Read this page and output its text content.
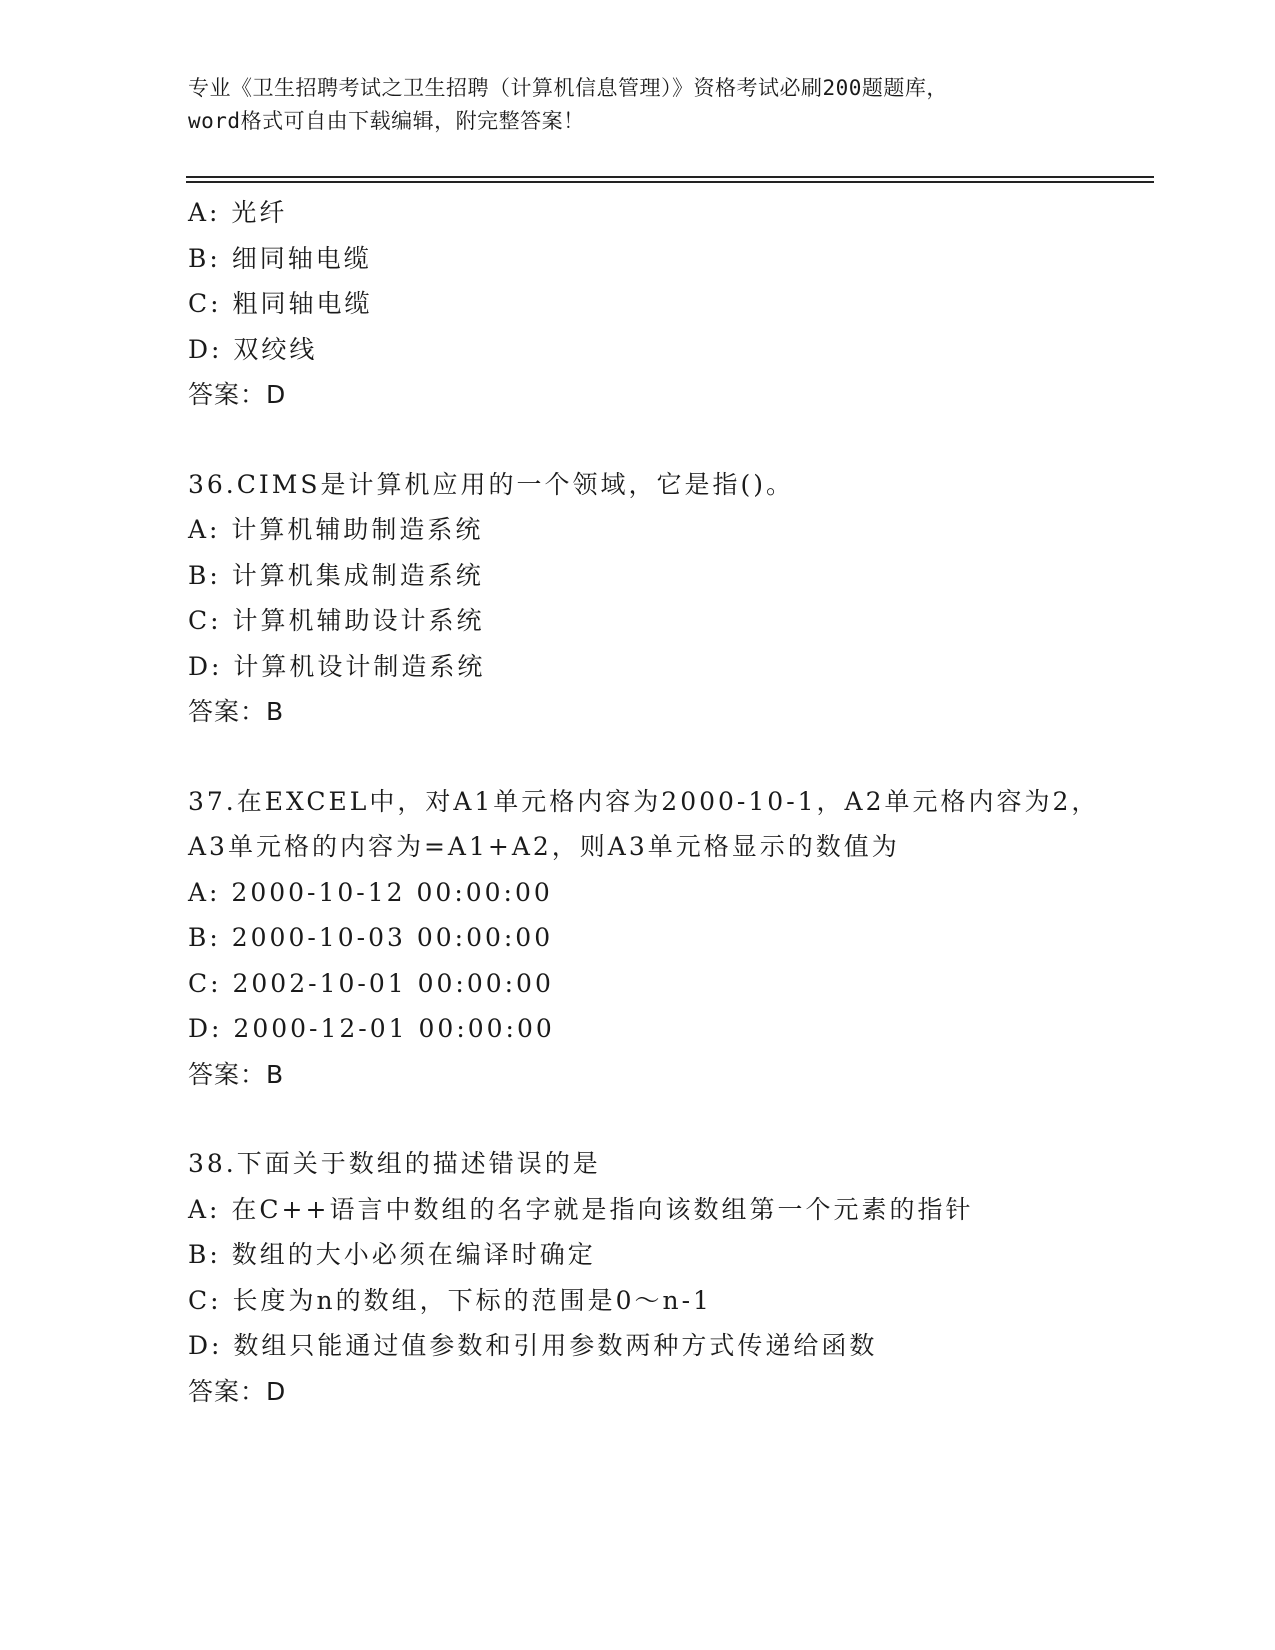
专业《卫生招聘考试之卫生招聘（计算机信息管理）》资格考试必刷200题题库，
word格式可自由下载编辑，附完整答案！
A: 光纤
B: 细同轴电缆
C: 粗同轴电缆
D: 双绞线
答案：D
36.CIMS是计算机应用的一个领域，它是指()。
A: 计算机辅助制造系统
B: 计算机集成制造系统
C: 计算机辅助设计系统
D: 计算机设计制造系统
答案：B
37.在EXCEL中，对A1单元格内容为2000-10-1，A2单元格内容为2，
A3单元格的内容为=A1+A2，则A3单元格显示的数值为
A: 2000-10-12 00:00:00
B: 2000-10-03 00:00:00
C: 2002-10-01 00:00:00
D: 2000-12-01 00:00:00
答案：B
38.下面关于数组的描述错误的是
A: 在C++语言中数组的名字就是指向该数组第一个元素的指针
B: 数组的大小必须在编译时确定
C: 长度为n的数组，下标的范围是0～n-1
D: 数组只能通过值参数和引用参数两种方式传递给函数
答案：D
